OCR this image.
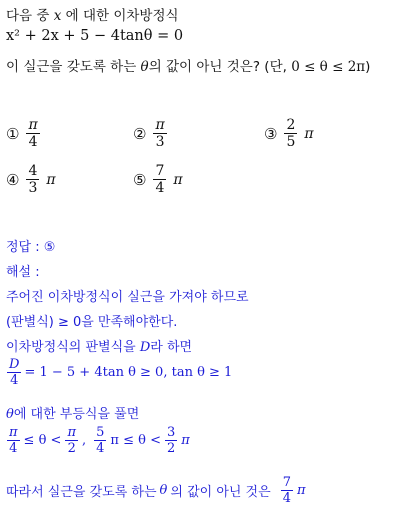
다음 중 x 에 대한 이차방정식
x² + 2x + 5 − 4tanθ = 0
이 실근을 갖도록 하는 θ의 값이 아닌 것은? (단, 0 ≤ θ ≤ 2π)
① $\frac{\pi}{4}$	② $\frac{\pi}{3}$	③ $\frac{2}{5}$ π
④ $\frac{4}{3}$ π	⑤ $\frac{7}{4}$ π
정답 : ⑤
해설 :
주어진 이차방정식이 실근을 가져야 하므로
(판별식) ≥ 0을 만족해야한다.
이차방정식의 판별식을 D라 하면
$\frac{D}{4} = 1 - 5 + 4\tan$ θ ≥ 0, tan θ ≥ 1
θ에 대한 부등식을 풀면
$\frac{\pi}{4} \le \theta < \frac{\pi}{2}$ , $\frac{5}{4}$ $\pi \le \theta < \frac{3}{2}$ π
따라서 실근을 갖도록 하는 θ 의 값이 아닌 것은 $\frac{7}{4}$ π
